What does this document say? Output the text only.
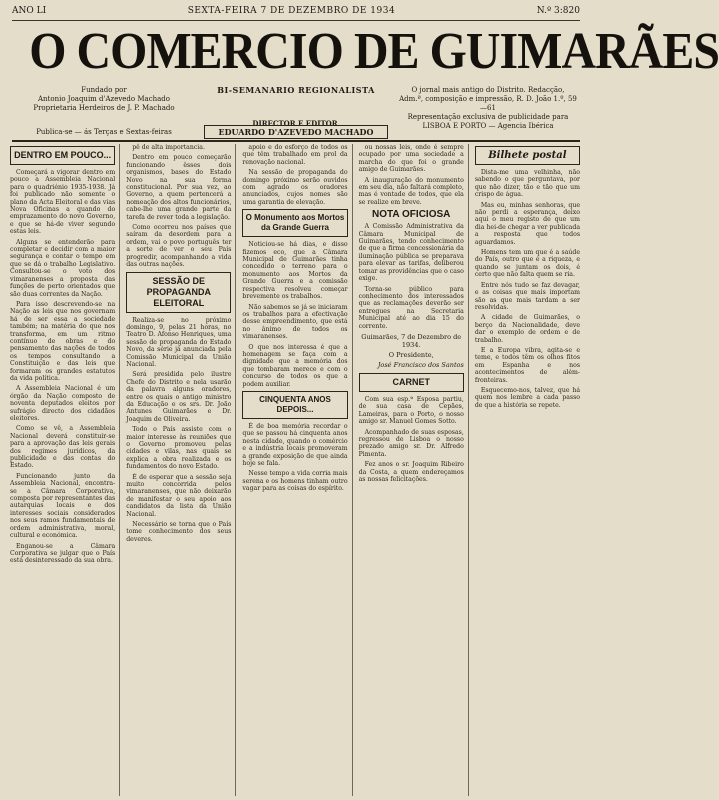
ANO LI	SEXTA-FEIRA 7 DE DEZEMBRO DE 1934	N.º 3:820
O COMERCIO DE GUIMARÃES
Fundado por
Antonio Joaquim d'Azevedo Machado
Proprietaria Herdeiros de J. P. Machado
BI-SEMANARIO REGIONALISTA	O jornal mais antigo do Distrito. Redacção,
Adm.ª, composição e impressão, R. D. João 1.º, 59—61
Representação exclusiva de publicidade para
LISBOA E PORTO — Agencia Ibérica
DIRECTOR E EDITOR
Publica-se — ás Terças e Sextas-feiras	EDUARDO D'AZEVEDO MACHADO
DENTRO EM POUCO...

Começará a vigorar dentro em pouco a Assembleia Nacional para o quadriénio 1935-1938. Já foi publicado não somente o plano da Acta Eleitoral e das vias Nova Oficinas a quando do emprazamento do novo Governo, e que se há-de viver segundo estas leis.

Alguns se entenderão para completar e decidir com a maior segurança e contar o tempo em que se dá o trabalho Legislativo. Consultou-se o voto dos vimaranenses a proposta das funções de perto orientados que são duas correntes da Nação.

Para isso descrevendo-se na Nação as leis que nos governam há de ser essa a sociedade também; na matéria do que nos transforma, em um ritmo contínuo de obras e do pensamento das nações de todos os tempos consultando a Constituição e das leis que formaram os grandes estatutos da vida política.

A Assembleia Nacional é um órgão da Nação composto de noventa deputados eleitos por sufrágio directo dos cidadãos eleitores.

Como se vê, a Assembleia Nacional deverá constituir-se para a aprovação das leis gerais dos regimes jurídicos, da publicidade e das contas do Estado.

Funcionando junto da Assembleia Nacional, encontra-se a Câmara Corporativa, composta por representantes das autarquias locais e dos interesses sociais considerados nos seus ramos fundamentais de ordem administrativa, moral, cultural e económica.

Enganou-se a Câmara Corporativa se julgar que o País está desinteressado da sua obra.

pê de alta importancia.

Dentro em pouco começarão funcionando êsses dois organismos, bases do Estado Novo na sua forma constitucional. Por sua vez, ao Governo, a quem pertencerá a nomeação dos altos funcionários, cabe-lhe uma grande parte da tarefa de rever toda a legislação.

Como ocorreu nos países que saíram da desordem para a ordem, vai o povo português ter a sorte de ver o seu País progredir, acompanhando a vida das outras nações.

SESSÃO DE PROPAGANDA ELEITORAL

Realiza-se no próximo domingo, 9, pelas 21 horas, no Teatro D. Afonso Henriques, uma sessão de propaganda do Estado Novo, da série já anunciada pela Comissão Municipal da União Nacional.

Será presidida pelo ilustre Chefe do Distrito e nela usarão da palavra alguns oradores, entre os quais o antigo ministro da Educação e os srs. Dr. João Antunes Guimarães e Dr. Joaquim de Oliveira.

Todo o País assiste com o maior interesse às reuniões que o Governo promoveu pelas cidades e vilas, nas quais se explica a obra realizada e os fundamentos do novo Estado.

É de esperar que a sessão seja muito concorrida pelos vimaranenses, que não deixarão de manifestar o seu apoio aos candidatos da lista da União Nacional.

Necessário se torna que o País tome conhecimento dos seus deveres.

apoio e do esforço de todos os que têm trabalhado em prol da renovação nacional.

Na sessão de propaganda do domingo próximo serão ouvidos com agrado os oradores anunciados, cujos nomes são uma garantia de elevação.

O Monumento aos Mortos da Grande Guerra

Noticiou-se há dias, e disso fizemos eco, que a Câmara Municipal de Guimarães tinha concedido o terreno para o monumento aos Mortos da Grande Guerra e a comissão respectiva resolveu começar brevemente os trabalhos.

Não sabemos se já se iniciaram os trabalhos para a efectivação desse empreendimento, que está no ânimo de todos os vimaranenses.

O que nos interessa é que a homenagem se faça com a dignidade que a memória dos que tombaram merece e com o concurso de todos os que a podem auxiliar.

CINQUENTA ANOS DEPOIS...

É de boa memória recordar o que se passou há cinquenta anos nesta cidade, quando o comércio e a indústria locais promoveram a grande exposição de que ainda hoje se fala.

Nesse tempo a vida corria mais serena e os homens tinham outro vagar para as coisas do espírito.

ou nossas leis, onde é sempre ocupado por uma sociedade a marcha do que foi o grande amigo de Guimarães.

A inauguração do monumento em seu dia, não faltará completo, mas é vontade de todos, que ela se realize em breve.

NOTA OFICIOSA

A Comissão Administrativa da Câmara Municipal de Guimarães, tendo conhecimento de que a firma concessionária da iluminação pública se preparava para elevar as tarifas, deliberou tomar as providências que o caso exige.

Torna-se público para conhecimento dos interessados que as reclamações deverão ser entregues na Secretaria Municipal até ao dia 15 do corrente.

Guimarães, 7 de Dezembro de 1934.
O Presidente,
José Francisco dos Santos
CARNET

Com sua esp.ª Esposa partiu, de sua casa de Cepães, Lameiras, para o Porto, o nosso amigo sr. Manuel Gomes Sotto.

Acompanhado de suas esposas, regressou de Lisboa o nosso prezado amigo sr. Dr. Alfredo Pimenta.

Fez anos o sr. Joaquim Ribeiro da Costa, a quem endereçamos as nossas felicitações.

Bilhete postal

Dista-me uma velhinha, não sabendo o que perguntava, por que não dizer, tão e tão que um crispo de água.

Mas eu, minhas senhoras, que não perdi a esperança, deixo aqui o meu registo de que um dia hei-de chegar a ver publicada a resposta que todos aguardamos.

Homens tem um que é a saúde do País, outro que é a riqueza, e quando se juntam os dois, é certo que não falta quem se ria.

Entre nós tudo se faz devagar, e as coisas que mais importam são as que mais tardam a ser resolvidas.

A cidade de Guimarães, o berço da Nacionalidade, deve dar o exemplo de ordem e de trabalho.

E a Europa vibra, agita-se e teme, e todos têm os olhos fitos em Espanha e nos acontecimentos de além-fronteiras.

Esquecemo-nos, talvez, que há quem nos lembre a cada passo de que a história se repete.
